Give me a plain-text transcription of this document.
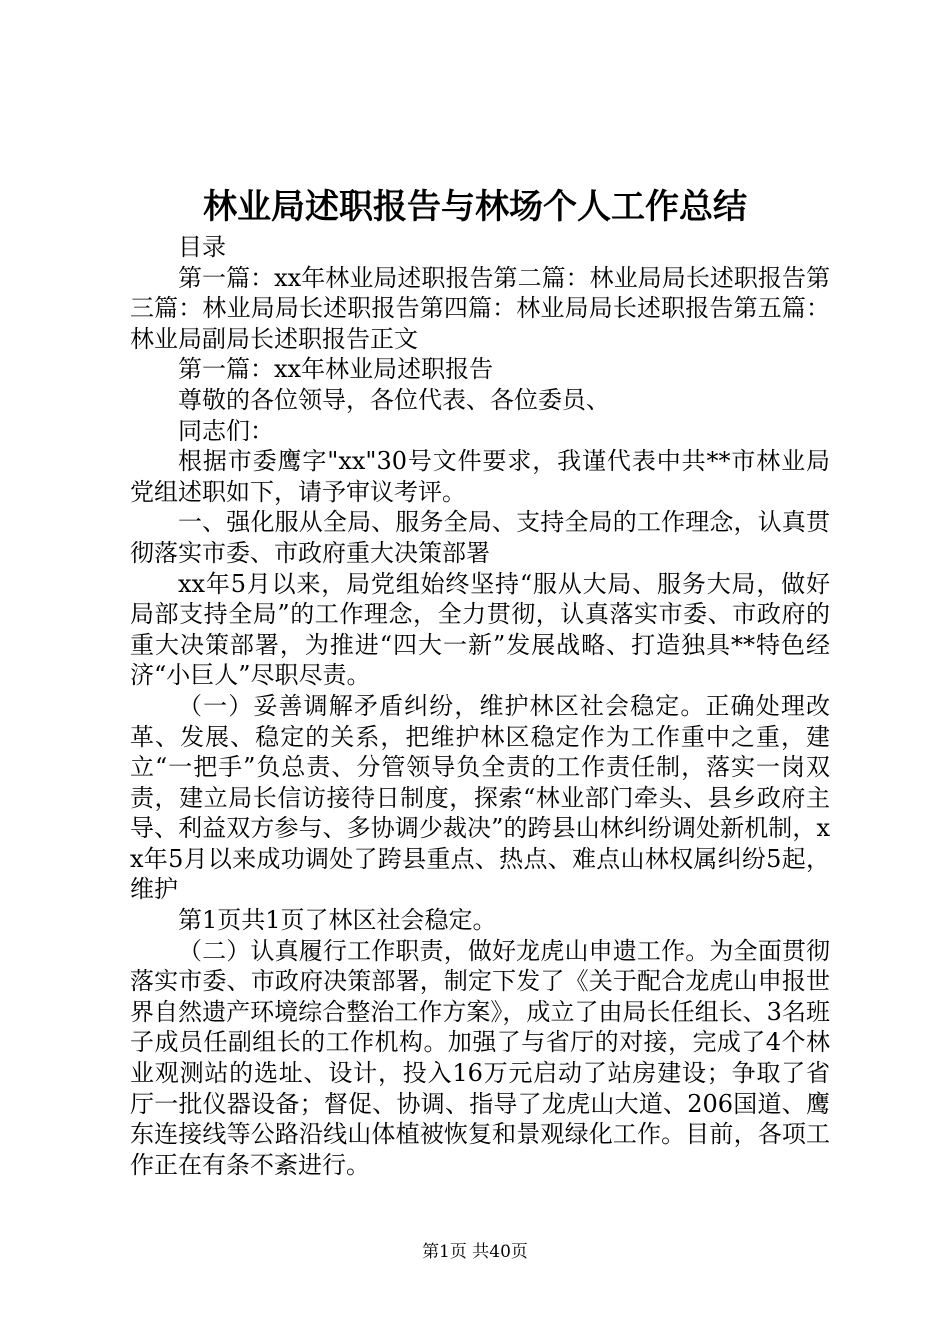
林业局述职报告与林场个人工作总结

目录

第一篇：xx年林业局述职报告第二篇：林业局局长述职报告第三篇：林业局局长述职报告第四篇：林业局局长述职报告第五篇：林业局副局长述职报告正文

第一篇：xx年林业局述职报告

尊敬的各位领导，各位代表、各位委员、

同志们：

根据市委鹰字"xx"30号文件要求，我谨代表中共**市林业局党组述职如下，请予审议考评。

一、强化服从全局、服务全局、支持全局的工作理念，认真贯彻落实市委、市政府重大决策部署

xx年5月以来，局党组始终坚持“服从大局、服务大局，做好局部支持全局”的工作理念，全力贯彻，认真落实市委、市政府的重大决策部署，为推进“四大一新”发展战略、打造独具**特色经济“小巨人”尽职尽责。

（一）妥善调解矛盾纠纷，维护林区社会稳定。正确处理改革、发展、稳定的关系，把维护林区稳定作为工作重中之重，建立“一把手”负总责、分管领导负全责的工作责任制，落实一岗双责，建立局长信访接待日制度，探索“林业部门牵头、县乡政府主导、利益双方参与、多协调少裁决”的跨县山林纠纷调处新机制，xx年5月以来成功调处了跨县重点、热点、难点山林权属纠纷5起，维护

第1页共1页了林区社会稳定。

（二）认真履行工作职责，做好龙虎山申遗工作。为全面贯彻落实市委、市政府决策部署，制定下发了《关于配合龙虎山申报世界自然遗产环境综合整治工作方案》，成立了由局长任组长、3名班子成员任副组长的工作机构。加强了与省厅的对接，完成了4个林业观测站的选址、设计，投入16万元启动了站房建设；争取了省厅一批仪器设备；督促、协调、指导了龙虎山大道、206国道、鹰东连接线等公路沿线山体植被恢复和景观绿化工作。目前，各项工作正在有条不紊进行。

第1页 共40页
